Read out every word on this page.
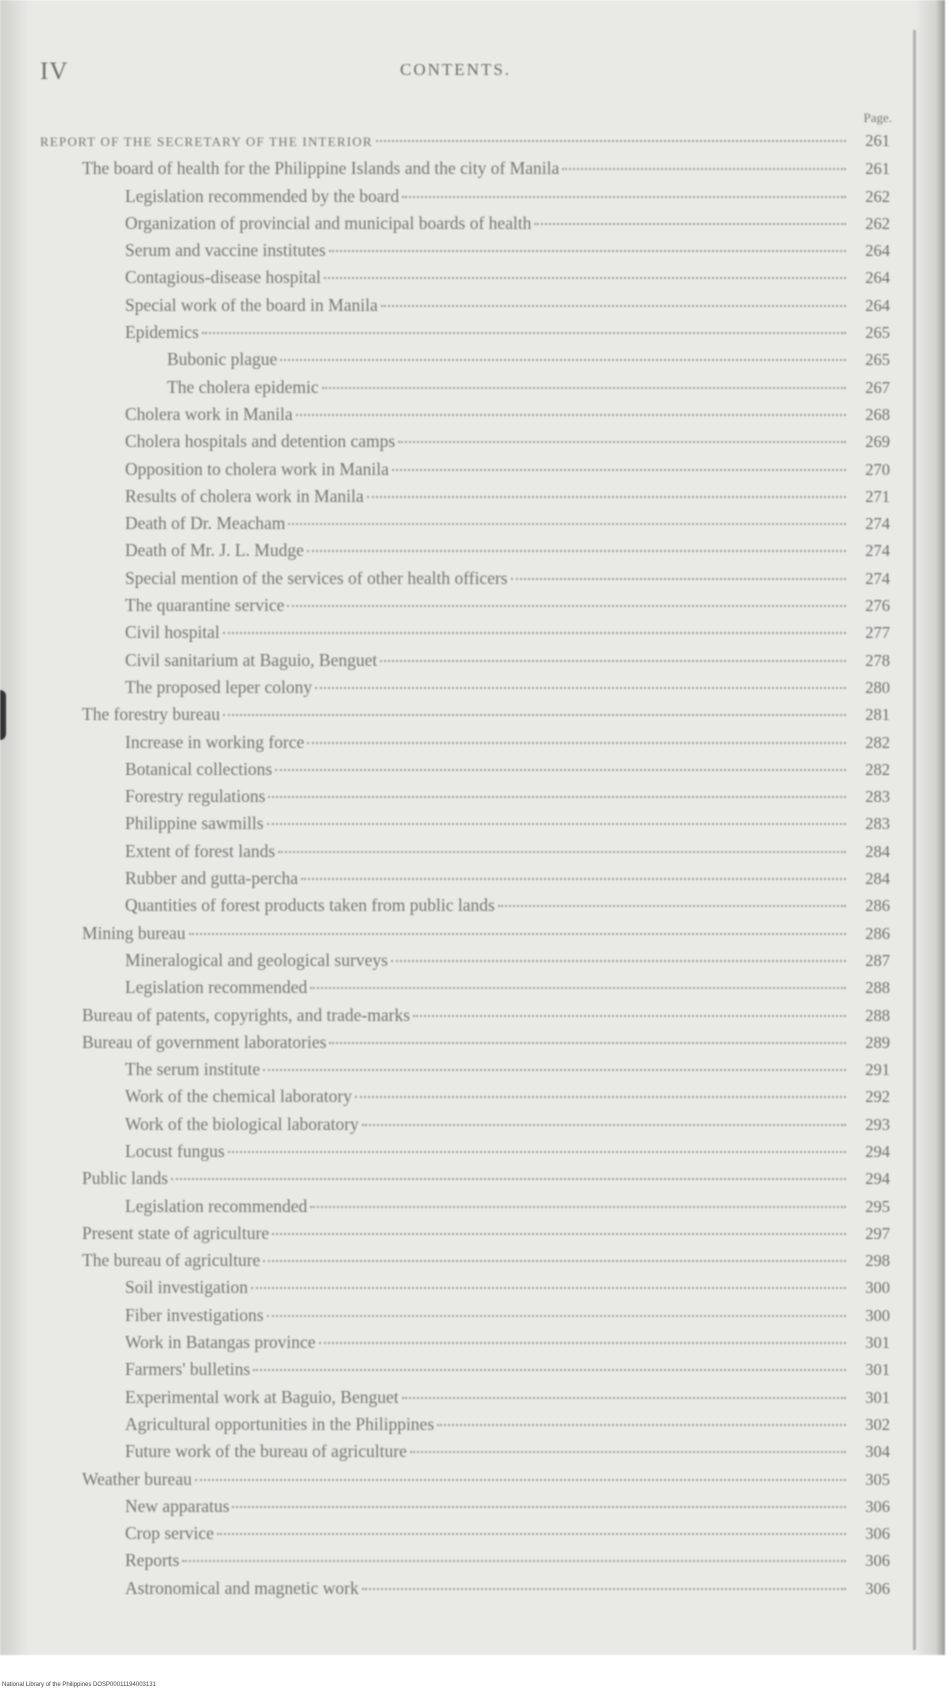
IV	CONTENTS.
Page.
REPORT OF THE SECRETARY OF THE INTERIOR	261
The board of health for the Philippine Islands and the city of Manila	261
Legislation recommended by the board	262
Organization of provincial and municipal boards of health	262
Serum and vaccine institutes	264
Contagious-disease hospital	264
Special work of the board in Manila	264
Epidemics	265
Bubonic plague	265
The cholera epidemic	267
Cholera work in Manila	268
Cholera hospitals and detention camps	269
Opposition to cholera work in Manila	270
Results of cholera work in Manila	271
Death of Dr. Meacham	274
Death of Mr. J. L. Mudge	274
Special mention of the services of other health officers	274
The quarantine service	276
Civil hospital	277
Civil sanitarium at Baguio, Benguet	278
The proposed leper colony	280
The forestry bureau	281
Increase in working force	282
Botanical collections	282
Forestry regulations	283
Philippine sawmills	283
Extent of forest lands	284
Rubber and gutta-percha	284
Quantities of forest products taken from public lands	286
Mining bureau	286
Mineralogical and geological surveys	287
Legislation recommended	288
Bureau of patents, copyrights, and trade-marks	288
Bureau of government laboratories	289
The serum institute	291
Work of the chemical laboratory	292
Work of the biological laboratory	293
Locust fungus	294
Public lands	294
Legislation recommended	295
Present state of agriculture	297
The bureau of agriculture	298
Soil investigation	300
Fiber investigations	300
Work in Batangas province	301
Farmers' bulletins	301
Experimental work at Baguio, Benguet	301
Agricultural opportunities in the Philippines	302
Future work of the bureau of agriculture	304
Weather bureau	305
New apparatus	306
Crop service	306
Reports	306
Astronomical and magnetic work	306
National Library of the Philippines DOSP00011194003131
